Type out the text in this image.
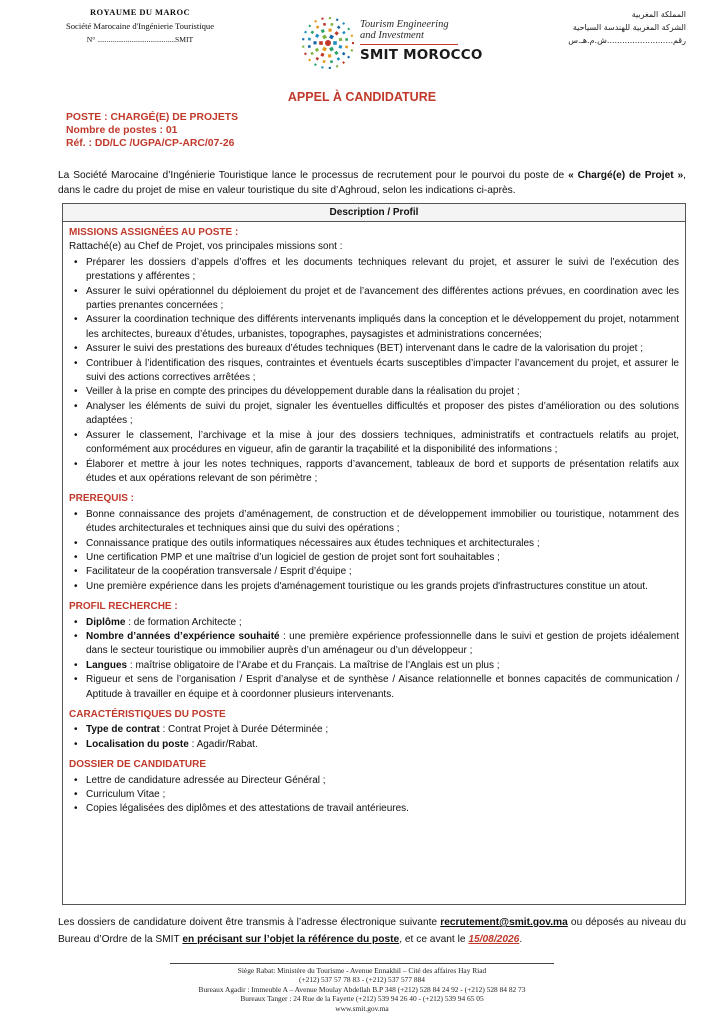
ROYAUME DU MAROC
Société Marocaine d'Ingénierie Touristique
N° .........................................SMIT
Tourism Engineering
and Investment
SMIT MOROCCO
المملكة المغربية
الشركة المغربية للهندسة السياحية
رقم..........................ش.م.هـ.س
APPEL À CANDIDATURE
POSTE : CHARGÉ(E) DE PROJETS
Nombre de postes : 01
Réf. : DD/LC /UGPA/CP-ARC/07-26
La Société Marocaine d’Ingénierie Touristique lance le processus de recrutement pour le pourvoi du poste de « Chargé(e) de Projet », dans le cadre du projet de mise en valeur touristique du site d’Aghroud, selon les indications ci-après.
Description / Profil
MISSIONS ASSIGNÉES AU POSTE :
Rattaché(e) au Chef de Projet, vos principales missions sont :
• Préparer les dossiers d’appels d’offres et les documents techniques relevant du projet, et assurer le suivi de l’exécution des prestations y afférentes ;
• Assurer le suivi opérationnel du déploiement du projet et de l’avancement des différentes actions prévues, en coordination avec les parties prenantes concernées ;
• Assurer la coordination technique des différents intervenants impliqués dans la conception et le développement du projet, notamment les architectes, bureaux d’études, urbanistes, topographes, paysagistes et administrations concernées;
• Assurer le suivi des prestations des bureaux d’études techniques (BET) intervenant dans le cadre de la valorisation du projet ;
• Contribuer à l’identification des risques, contraintes et éventuels écarts susceptibles d’impacter l’avancement du projet, et assurer le suivi des actions correctives arrêtées ;
• Veiller à la prise en compte des principes du développement durable dans la réalisation du projet ;
• Analyser les éléments de suivi du projet, signaler les éventuelles difficultés et proposer des pistes d’amélioration ou des solutions adaptées ;
• Assurer le classement, l’archivage et la mise à jour des dossiers techniques, administratifs et contractuels relatifs au projet, conformément aux procédures en vigueur, afin de garantir la traçabilité et la disponibilité des informations ;
• Élaborer et mettre à jour les notes techniques, rapports d’avancement, tableaux de bord et supports de présentation relatifs aux études et aux opérations relevant de son périmètre ;
PREREQUIS :
• Bonne connaissance des projets d’aménagement, de construction et de développement immobilier ou touristique, notamment des études architecturales et techniques ainsi que du suivi des opérations ;
• Connaissance pratique des outils informatiques nécessaires aux études techniques et architecturales ;
• Une certification PMP et une maîtrise d’un logiciel de gestion de projet sont fort souhaitables ;
• Facilitateur de la coopération transversale / Esprit d’équipe ;
• Une première expérience dans les projets d'aménagement touristique ou les grands projets d'infrastructures constitue un atout.
PROFIL RECHERCHE :
• Diplôme : de formation Architecte ;
• Nombre d’années d’expérience souhaité : une première expérience professionnelle dans le suivi et gestion de projets idéalement dans le secteur touristique ou immobilier auprès d’un aménageur ou d’un développeur ;
• Langues : maîtrise obligatoire de l’Arabe et du Français. La maîtrise de l’Anglais est un plus ;
• Rigueur et sens de l’organisation / Esprit d’analyse et de synthèse / Aisance relationnelle et bonnes capacités de communication / Aptitude à travailler en équipe et à coordonner plusieurs intervenants.
CARACTÉRISTIQUES DU POSTE
• Type de contrat : Contrat Projet à Durée Déterminée ;
• Localisation du poste : Agadir/Rabat.
DOSSIER DE CANDIDATURE
• Lettre de candidature adressée au Directeur Général ;
• Curriculum Vitae ;
• Copies légalisées des diplômes et des attestations de travail antérieures.
Les dossiers de candidature doivent être transmis à l’adresse électronique suivante recrutement@smit.gov.ma ou déposés au niveau du Bureau d’Ordre de la SMIT en précisant sur l’objet la référence du poste, et ce avant le 15/08/2026.
Siège Rabat: Ministère du Tourisme - Avenue Ennakhil – Cité des affaires Hay Riad
(+212) 537 57 78 83 - (+212) 537 577 884
Bureaux Agadir : Immeuble A – Avenue Moulay Abdellah B.P 348 (+212) 528 84 24 92 - (+212) 528 84 82 73
Bureaux Tanger : 24 Rue de la Fayette (+212) 539 94 26 40 - (+212) 539 94 65 05
www.smit.gov.ma
